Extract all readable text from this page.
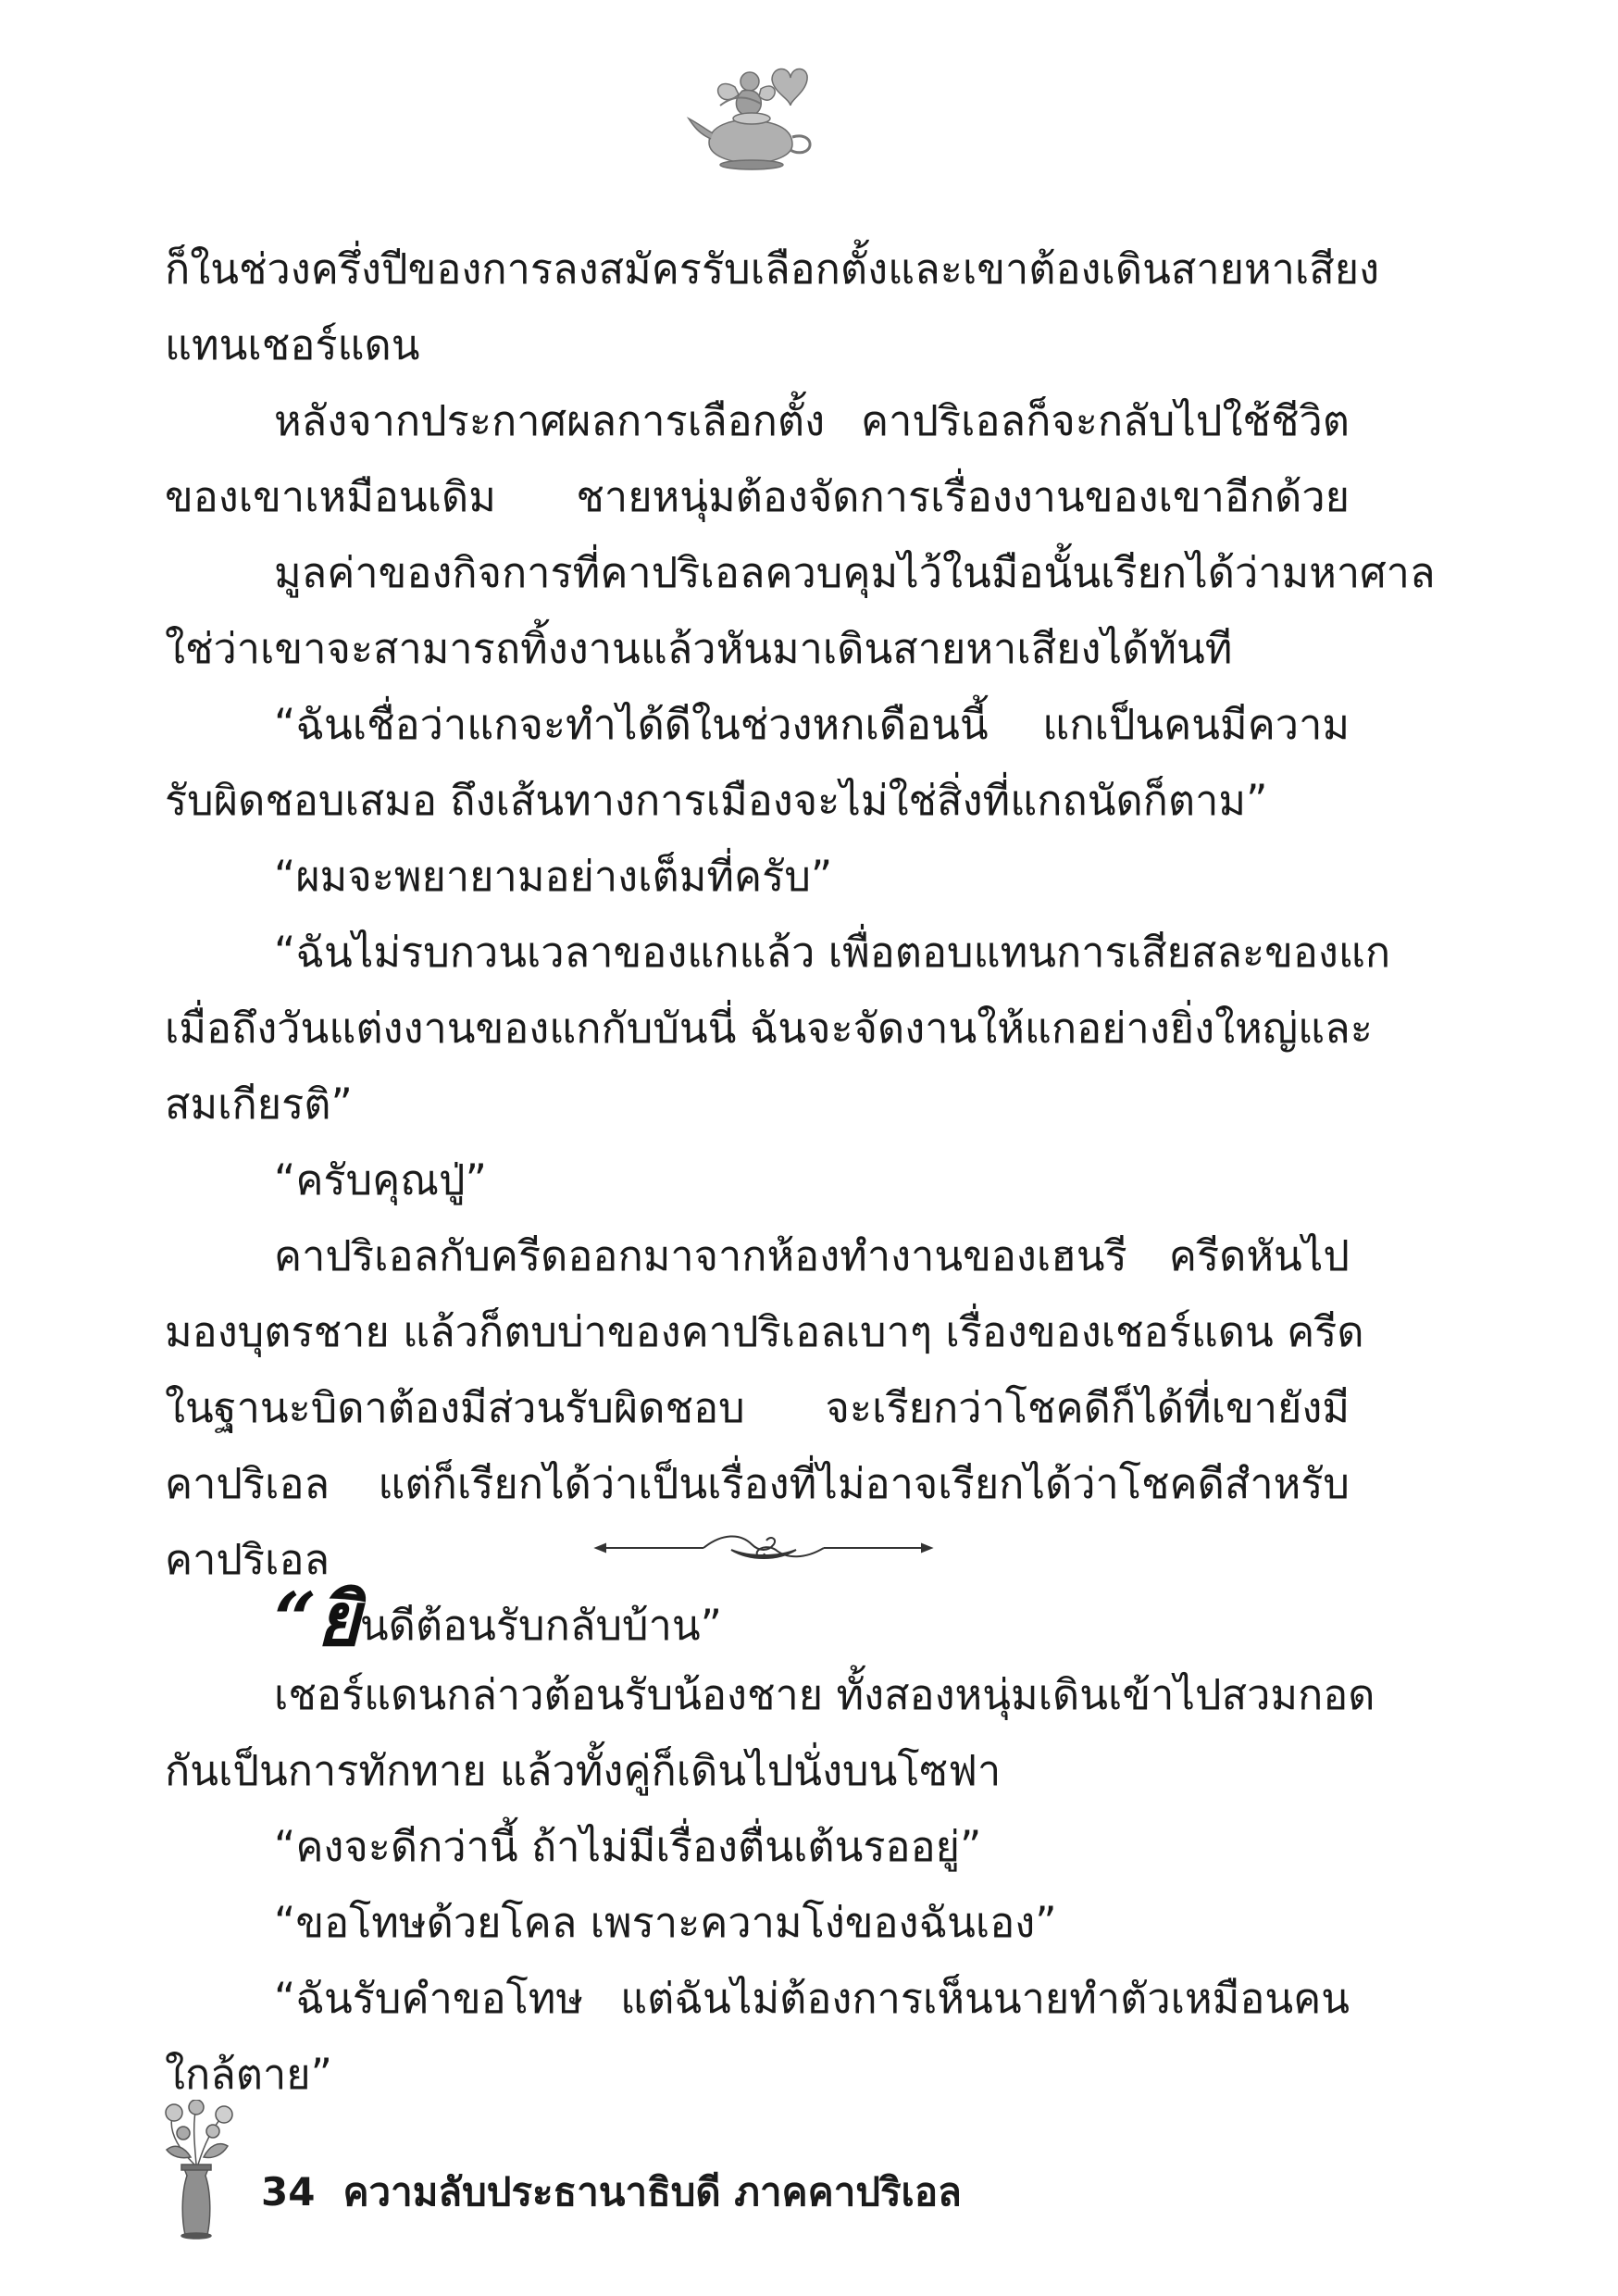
ก็ในช่วงครึ่งปีของการลงสมัครรับเลือกตั้งและเขาต้องเดินสายหาเสียง
แทนเชอร์แดน
หลังจากประกาศผลการเลือกตั้ง คาปริเอลก็จะกลับไปใช้ชีวิต
ของเขาเหมือนเดิม ชายหนุ่มต้องจัดการเรื่องงานของเขาอีกด้วย
มูลค่าของกิจการที่คาปริเอลควบคุมไว้ในมือนั้นเรียกได้ว่ามหาศาล
ใช่ว่าเขาจะสามารถทิ้งงานแล้วหันมาเดินสายหาเสียงได้ทันที
“ฉันเชื่อว่าแกจะทำได้ดีในช่วงหกเดือนนี้ แกเป็นคนมีความ
รับผิดชอบเสมอ ถึงเส้นทางการเมืองจะไม่ใช่สิ่งที่แกถนัดก็ตาม”
“ผมจะพยายามอย่างเต็มที่ครับ”
“ฉันไม่รบกวนเวลาของแกแล้ว เพื่อตอบแทนการเสียสละของแก
เมื่อถึงวันแต่งงานของแกกับบันนี่ ฉันจะจัดงานให้แกอย่างยิ่งใหญ่และ
สมเกียรติ”
“ครับคุณปู่”
คาปริเอลกับครีดออกมาจากห้องทำงานของเฮนรี ครีดหันไป
มองบุตรชาย แล้วก็ตบบ่าของคาปริเอลเบาๆ เรื่องของเชอร์แดน ครีด
ในฐานะบิดาต้องมีส่วนรับผิดชอบ จะเรียกว่าโชคดีก็ได้ที่เขายังมี
คาปริเอล แต่ก็เรียกได้ว่าเป็นเรื่องที่ไม่อาจเรียกได้ว่าโชคดีสำหรับ
คาปริเอล
“ยินดีต้อนรับกลับบ้าน”
เชอร์แดนกล่าวต้อนรับน้องชาย ทั้งสองหนุ่มเดินเข้าไปสวมกอด
กันเป็นการทักทาย แล้วทั้งคู่ก็เดินไปนั่งบนโซฟา
“คงจะดีกว่านี้ ถ้าไม่มีเรื่องตื่นเต้นรออยู่”
“ขอโทษด้วยโคล เพราะความโง่ของฉันเอง”
“ฉันรับคำขอโทษ แต่ฉันไม่ต้องการเห็นนายทำตัวเหมือนคน
ใกล้ตาย”
34 ความลับประธานาธิบดี ภาคคาปริเอล
